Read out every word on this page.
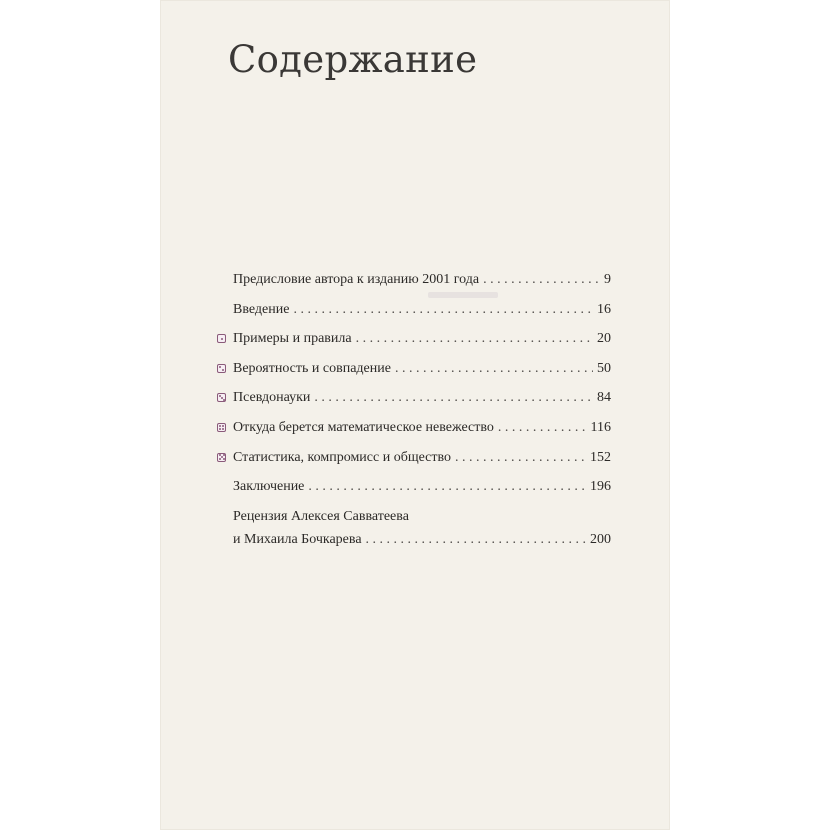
Содержание
Предисловие автора к изданию 2001 года . . .	9
Введение . . .	16
Примеры и правила . . .	20
Вероятность и совпадение . . .	50
Псевдонауки . . .	84
Откуда берется математическое невежество . . .	116
Статистика, компромисс и общество . . .	152
Заключение . . .	196
Рецензия Алексея Савватеева
и Михаила Бочкарева . . .	200
